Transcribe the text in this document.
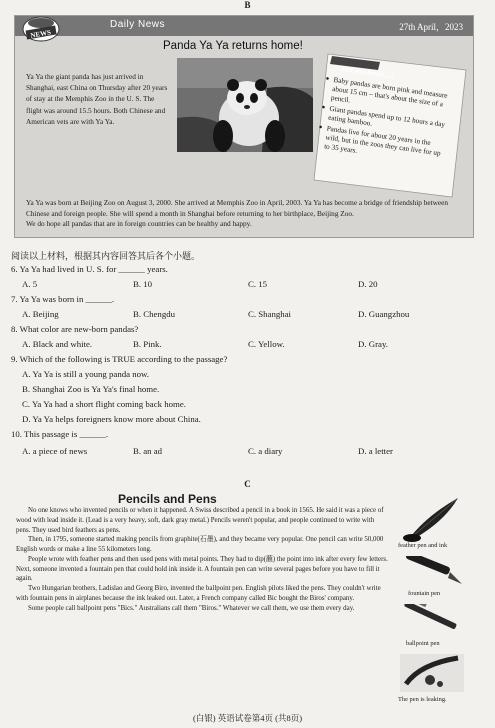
B
NEWS
Daily News	27th April，2023
Panda Ya Ya returns home!
Ya Ya the giant panda has just arrived in Shanghai, east China on Thursday after 20 years of stay at the Memphis Zoo in the U. S. The flight was around 15.5 hours. Both Chinese and American vets are with Ya Ya.
Did you know…?
● Baby pandas are born pink and measure about 15 cm – that's about the size of a pencil.
● Giant pandas spend up to 12 hours a day eating bamboo.
● Pandas live for about 20 years in the wild, but in the zoos they can live for up to 35 years.
Ya Ya was born at Beijing Zoo on August 3, 2000. She arrived at Memphis Zoo in April, 2003. Ya Ya has become a bridge of friendship between Chinese and foreign people. She will spend a month in Shanghai before returning to her birthplace, Beijing Zoo.
We do hope all pandas that are in foreign countries can be healthy and happy.
阅读以上材料，根据其内容回答其后各个小题。
6. Ya Ya had lived in U. S. for ______ years.
A. 5	B. 10	C. 15	D. 20
7. Ya Ya was born in ______.
A. Beijing	B. Chengdu	C. Shanghai	D. Guangzhou
8. What color are new-born pandas?
A. Black and white.	B. Pink.	C. Yellow.	D. Gray.
9. Which of the following is TRUE according to the passage?
A. Ya Ya is still a young panda now.
B. Shanghai Zoo is Ya Ya's final home.
C. Ya Ya had a short flight coming back home.
D. Ya Ya helps foreigners know more about China.
10. This passage is ______.
A. a piece of news	B. an ad	C. a diary	D. a letter
C
Pencils and Pens

No one knows who invented pencils or when it happened. A Swiss described a pencil in a book in 1565. He said it was a piece of wood with lead inside it. (Lead is a very heavy, soft, dark gray metal.) Pencils weren't popular, and people continued to write with pens. They used bird feathers as pens.

Then, in 1795, someone started making pencils from graphite(石墨), and they became very popular. One pencil can write 50,000 English words or make a line 55 kilometers long.

People wrote with feather pens and then used pens with metal points. They had to dip(蘸) the point into ink after every few letters. Next, someone invented a fountain pen that could hold ink inside it. A fountain pen can write several pages before you have to fill it again.

Two Hungarian brothers, Ladislao and Georg Biro, invented the ballpoint pen. English pilots liked the pens. They couldn't write with fountain pens in airplanes because the ink leaked out. Later, a French company called Bic bought the Biros' company.

Some people call ballpoint pens "Bics." Australians call them "Biros." Whatever we call them, we use them every day.

feather pen and ink
fountain pen
ballpoint pen
The pen is leaking.
(白银) 英语试卷第4页 (共8页)
